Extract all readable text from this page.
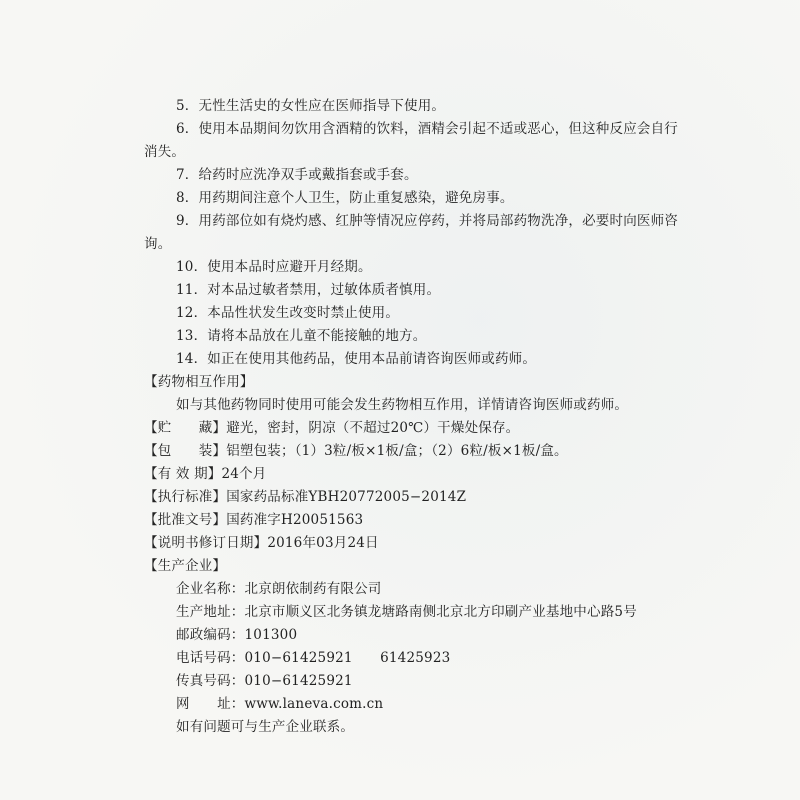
5．无性生活史的女性应在医师指导下使用。

6．使用本品期间勿饮用含酒精的饮料，酒精会引起不适或恶心，但这种反应会自行消失。

7．给药时应洗净双手或戴指套或手套。

8．用药期间注意个人卫生，防止重复感染，避免房事。

9．用药部位如有烧灼感、红肿等情况应停药，并将局部药物洗净，必要时向医师咨询。

10．使用本品时应避开月经期。

11．对本品过敏者禁用，过敏体质者慎用。

12．本品性状发生改变时禁止使用。

13．请将本品放在儿童不能接触的地方。

14．如正在使用其他药品，使用本品前请咨询医师或药师。

【药物相互作用】

如与其他药物同时使用可能会发生药物相互作用，详情请咨询医师或药师。

【贮　　藏】避光，密封，阴凉（不超过20℃）干燥处保存。

【包　　装】铝塑包装；（1）3粒/板×1板/盒；（2）6粒/板×1板/盒。

【有 效 期】24个月

【执行标准】国家药品标准YBH20772005−2014Z

【批准文号】国药准字H20051563

【说明书修订日期】2016年03月24日

【生产企业】

企业名称：北京朗依制药有限公司

生产地址：北京市顺义区北务镇龙塘路南侧北京北方印刷产业基地中心路5号

邮政编码：101300

电话号码：010−61425921　　61425923

传真号码：010−61425921

网　　址：www.laneva.com.cn

如有问题可与生产企业联系。
